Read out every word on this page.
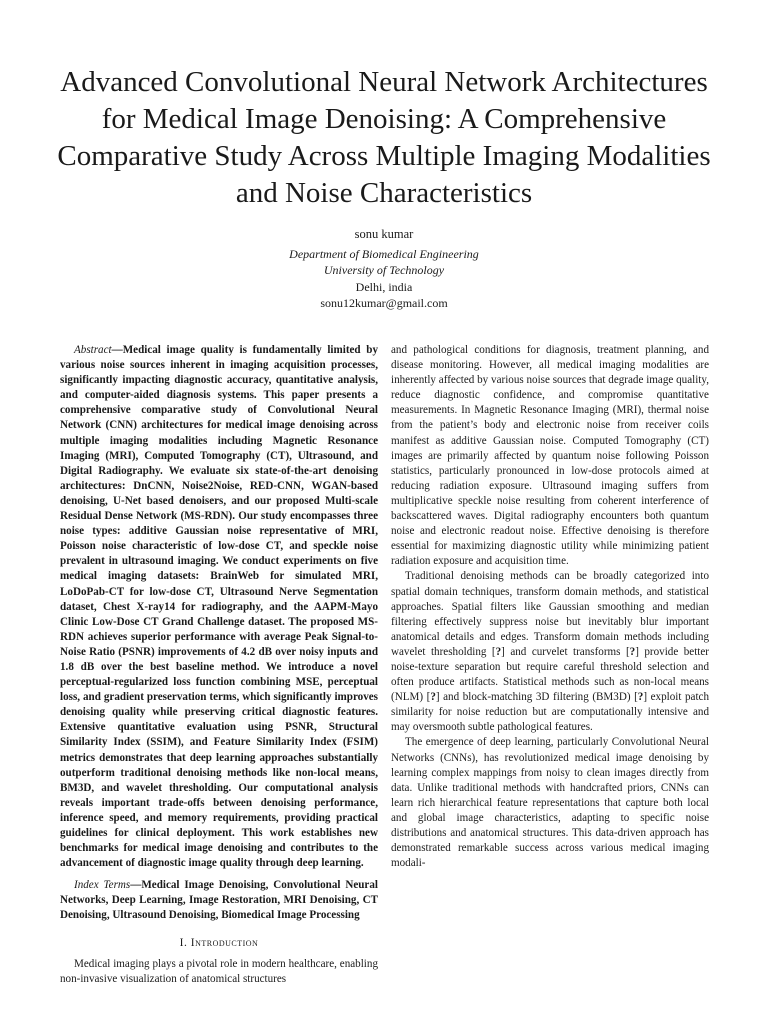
Advanced Convolutional Neural Network Architectures for Medical Image Denoising: A Comprehensive Comparative Study Across Multiple Imaging Modalities and Noise Characteristics
sonu kumar
Department of Biomedical Engineering
University of Technology
Delhi, india
sonu12kumar@gmail.com

Abstract—Medical image quality is fundamentally limited by various noise sources inherent in imaging acquisition processes, significantly impacting diagnostic accuracy, quantitative analysis, and computer-aided diagnosis systems. This paper presents a comprehensive comparative study of Convolutional Neural Network (CNN) architectures for medical image denoising across multiple imaging modalities including Magnetic Resonance Imaging (MRI), Computed Tomography (CT), Ultrasound, and Digital Radiography. We evaluate six state-of-the-art denoising architectures: DnCNN, Noise2Noise, RED-CNN, WGAN-based denoising, U-Net based denoisers, and our proposed Multi-scale Residual Dense Network (MS-RDN). Our study encompasses three noise types: additive Gaussian noise representative of MRI, Poisson noise characteristic of low-dose CT, and speckle noise prevalent in ultrasound imaging. We conduct experiments on five medical imaging datasets: BrainWeb for simulated MRI, LoDoPab-CT for low-dose CT, Ultrasound Nerve Segmentation dataset, Chest X-ray14 for radiography, and the AAPM-Mayo Clinic Low-Dose CT Grand Challenge dataset. The proposed MS-RDN achieves superior performance with average Peak Signal-to-Noise Ratio (PSNR) improvements of 4.2 dB over noisy inputs and 1.8 dB over the best baseline method. We introduce a novel perceptual-regularized loss function combining MSE, perceptual loss, and gradient preservation terms, which significantly improves denoising quality while preserving critical diagnostic features. Extensive quantitative evaluation using PSNR, Structural Similarity Index (SSIM), and Feature Similarity Index (FSIM) metrics demonstrates that deep learning approaches substantially outperform traditional denoising methods like non-local means, BM3D, and wavelet thresholding. Our computational analysis reveals important trade-offs between denoising performance, inference speed, and memory requirements, providing practical guidelines for clinical deployment. This work establishes new benchmarks for medical image denoising and contributes to the advancement of diagnostic image quality through deep learning.

Index Terms—Medical Image Denoising, Convolutional Neural Networks, Deep Learning, Image Restoration, MRI Denoising, CT Denoising, Ultrasound Denoising, Biomedical Image Processing

I. Introduction

Medical imaging plays a pivotal role in modern healthcare, enabling non-invasive visualization of anatomical structures

and pathological conditions for diagnosis, treatment planning, and disease monitoring. However, all medical imaging modalities are inherently affected by various noise sources that degrade image quality, reduce diagnostic confidence, and compromise quantitative measurements. In Magnetic Resonance Imaging (MRI), thermal noise from the patient’s body and electronic noise from receiver coils manifest as additive Gaussian noise. Computed Tomography (CT) images are primarily affected by quantum noise following Poisson statistics, particularly pronounced in low-dose protocols aimed at reducing radiation exposure. Ultrasound imaging suffers from multiplicative speckle noise resulting from coherent interference of backscattered waves. Digital radiography encounters both quantum noise and electronic readout noise. Effective denoising is therefore essential for maximizing diagnostic utility while minimizing patient radiation exposure and acquisition time.

Traditional denoising methods can be broadly categorized into spatial domain techniques, transform domain methods, and statistical approaches. Spatial filters like Gaussian smoothing and median filtering effectively suppress noise but inevitably blur important anatomical details and edges. Transform domain methods including wavelet thresholding [?] and curvelet transforms [?] provide better noise-texture separation but require careful threshold selection and often produce artifacts. Statistical methods such as non-local means (NLM) [?] and block-matching 3D filtering (BM3D) [?] exploit patch similarity for noise reduction but are computationally intensive and may oversmooth subtle pathological features.

The emergence of deep learning, particularly Convolutional Neural Networks (CNNs), has revolutionized medical image denoising by learning complex mappings from noisy to clean images directly from data. Unlike traditional methods with handcrafted priors, CNNs can learn rich hierarchical feature representations that capture both local and global image characteristics, adapting to specific noise distributions and anatomical structures. This data-driven approach has demonstrated remarkable success across various medical imaging modali-
